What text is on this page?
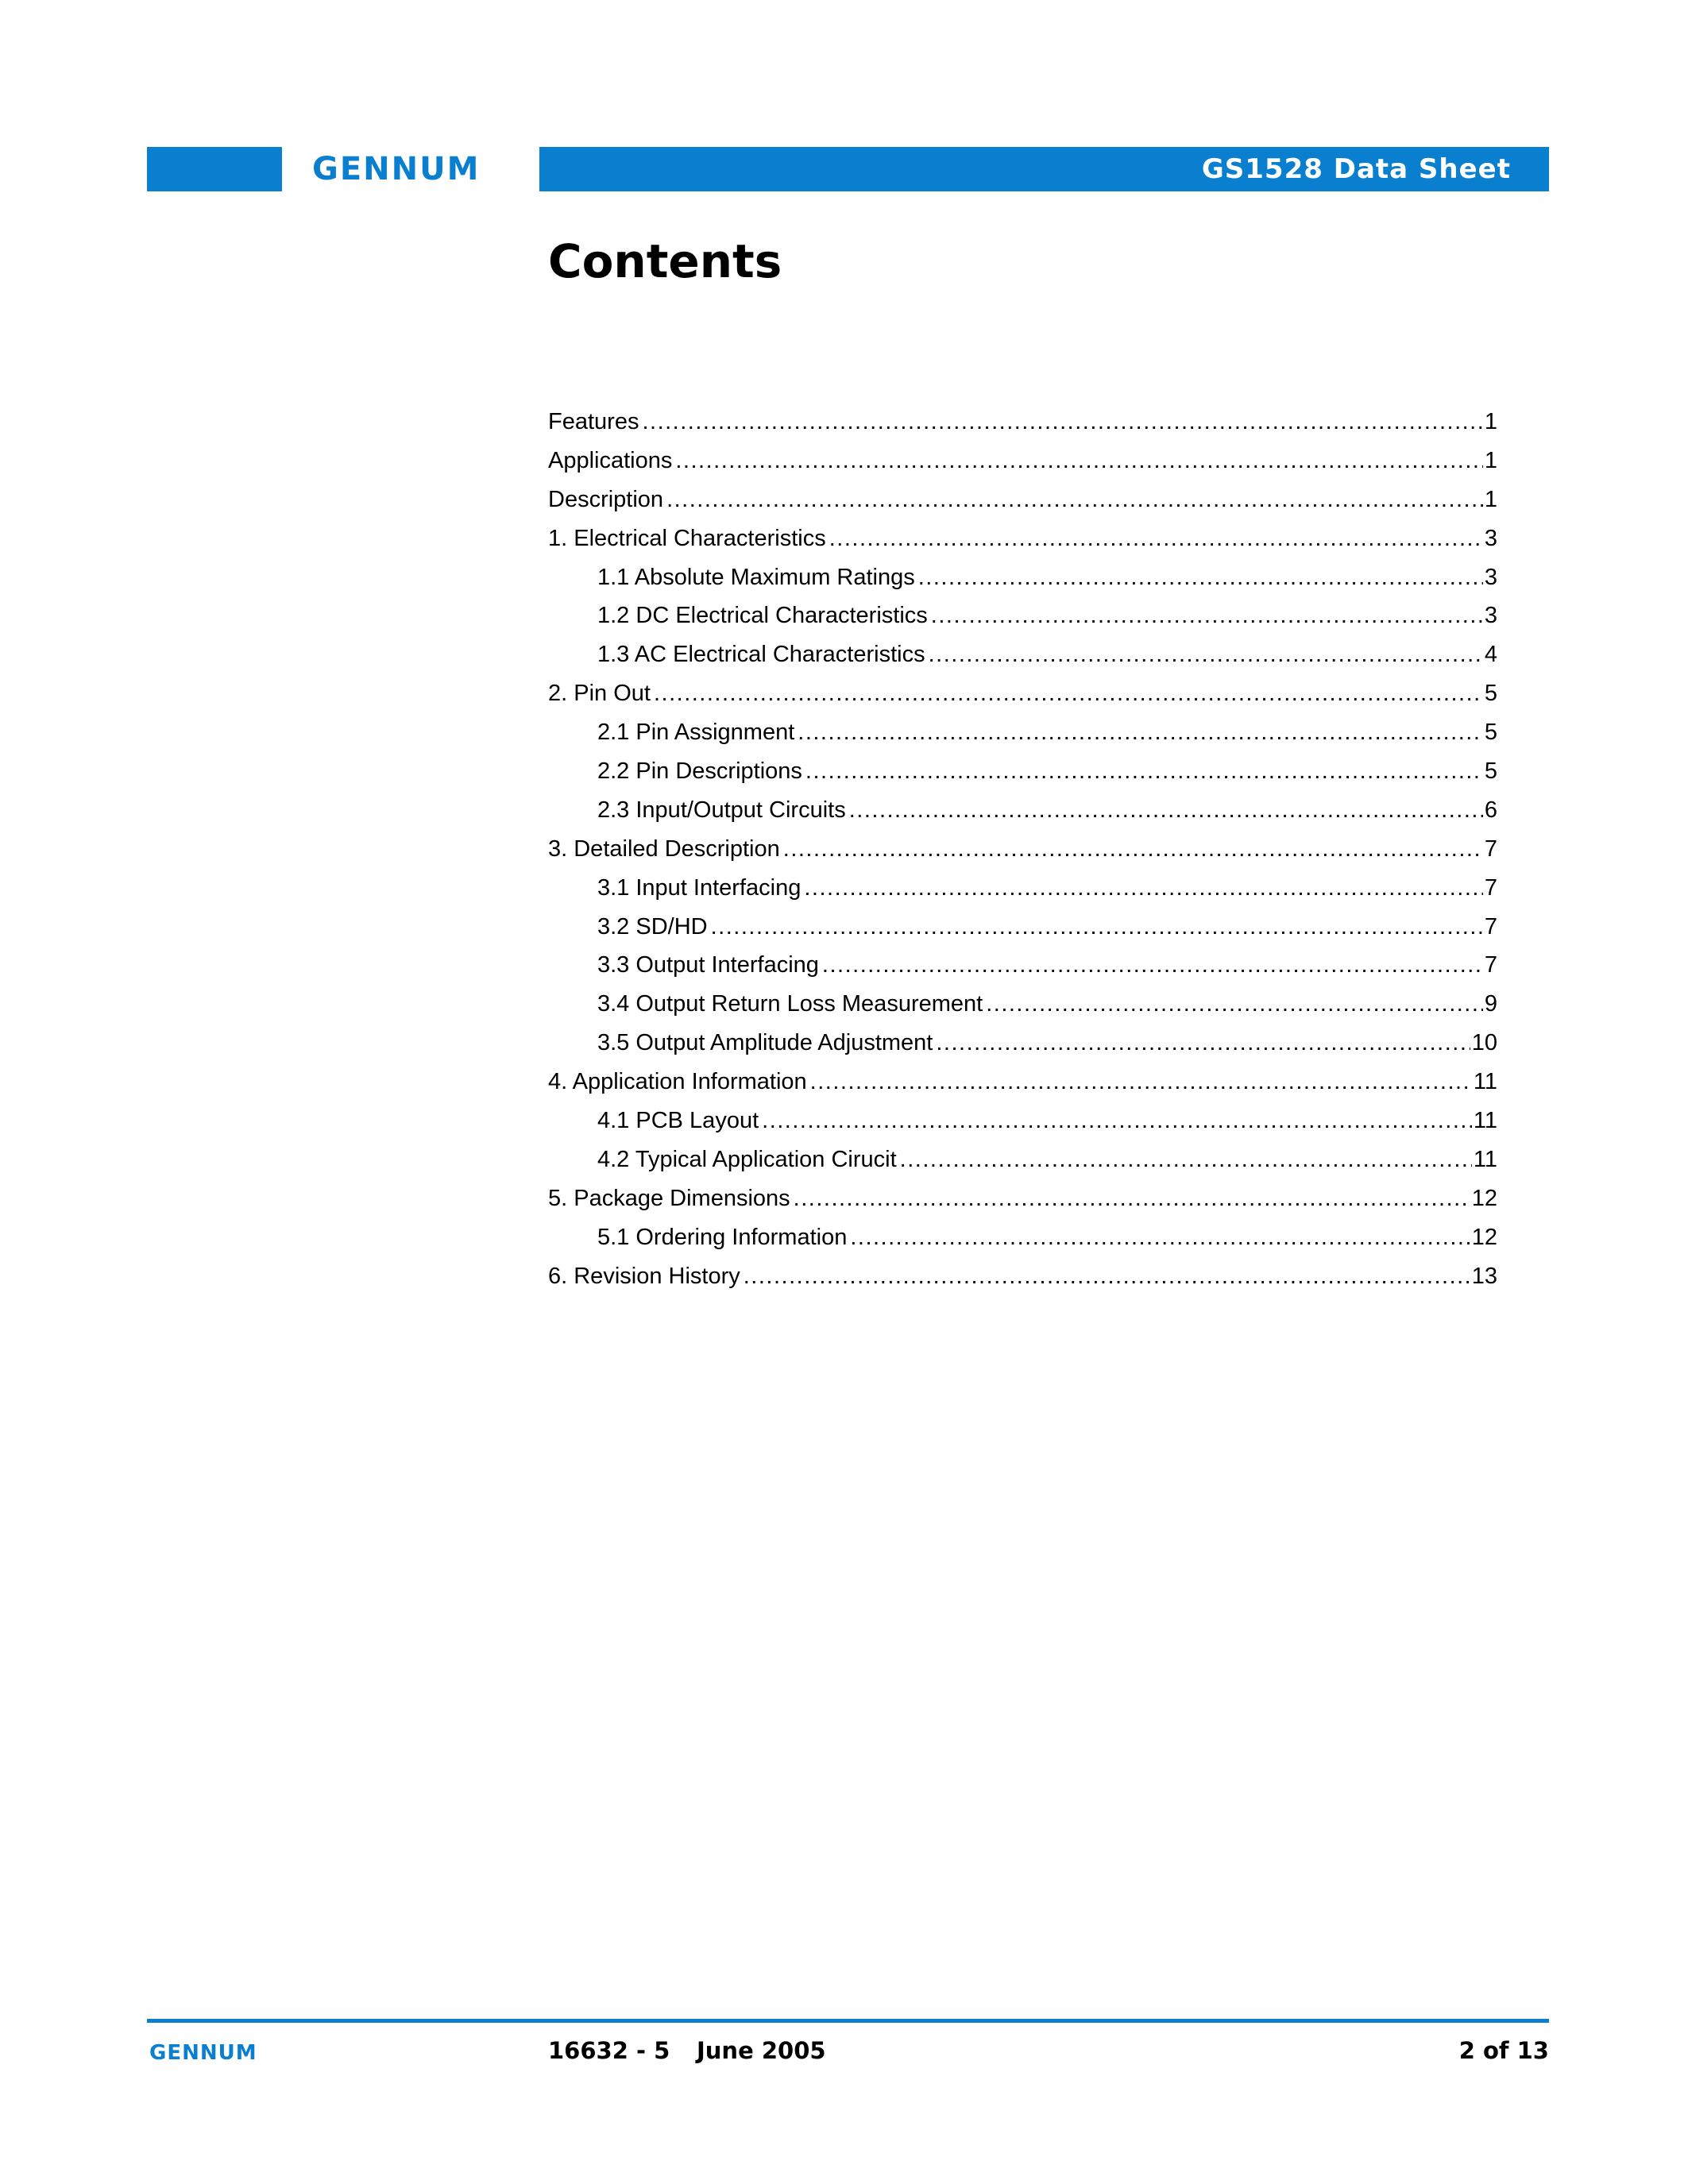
GENNUM	GS1528 Data Sheet
Contents
Features .....	1
Applications .....	1
Description .....	1
1. Electrical Characteristics .....	3
1.1 Absolute Maximum Ratings .....	3
1.2 DC Electrical Characteristics .....	3
1.3 AC Electrical Characteristics .....	4
2. Pin Out .....	5
2.1 Pin Assignment .....	5
2.2 Pin Descriptions .....	5
2.3 Input/Output Circuits .....	6
3. Detailed Description .....	7
3.1 Input Interfacing .....	7
3.2 SD/HD .....	7
3.3 Output Interfacing .....	7
3.4 Output Return Loss Measurement .....	9
3.5 Output Amplitude Adjustment .....	10
4. Application Information .....	11
4.1 PCB Layout .....	11
4.2 Typical Application Cirucit .....	11
5. Package Dimensions .....	12
5.1 Ordering Information .....	12
6. Revision History .....	13
GENNUM	16632 - 5 June 2005	2 of 13
